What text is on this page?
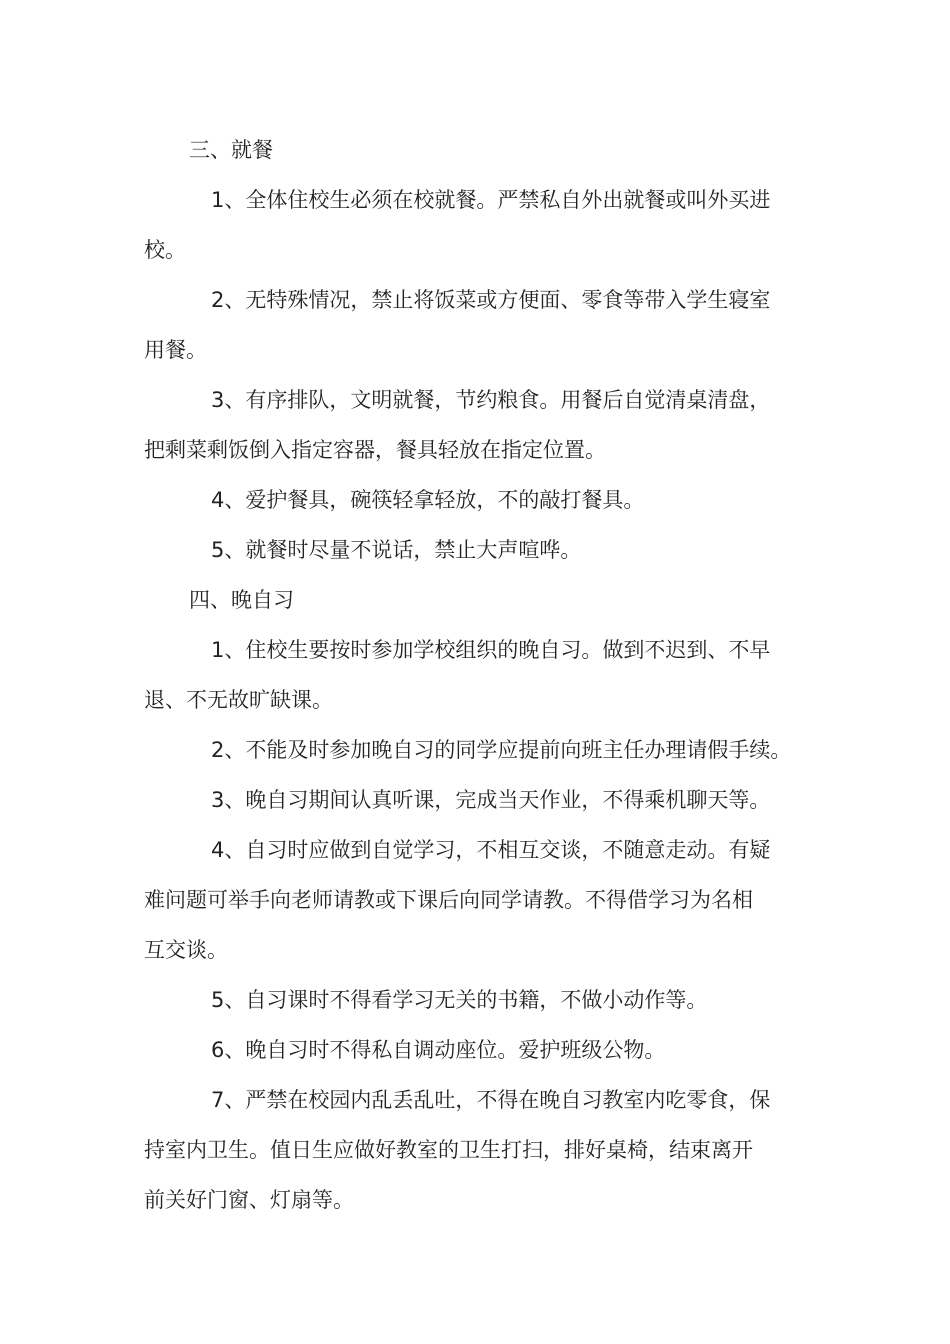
三、就餐
1、全体住校生必须在校就餐。严禁私自外出就餐或叫外买进
校。
2、无特殊情况，禁止将饭菜或方便面、零食等带入学生寝室
用餐。
3、有序排队，文明就餐，节约粮食。用餐后自觉清桌清盘，
把剩菜剩饭倒入指定容器，餐具轻放在指定位置。
4、爱护餐具，碗筷轻拿轻放，不的敲打餐具。
5、就餐时尽量不说话，禁止大声喧哗。
四、晚自习
1、住校生要按时参加学校组织的晚自习。做到不迟到、不早
退、不无故旷缺课。
2、不能及时参加晚自习的同学应提前向班主任办理请假手续。
3、晚自习期间认真听课，完成当天作业，不得乘机聊天等。
4、自习时应做到自觉学习，不相互交谈，不随意走动。有疑
难问题可举手向老师请教或下课后向同学请教。不得借学习为名相
互交谈。
5、自习课时不得看学习无关的书籍，不做小动作等。
6、晚自习时不得私自调动座位。爱护班级公物。
7、严禁在校园内乱丢乱吐，不得在晚自习教室内吃零食，保
持室内卫生。值日生应做好教室的卫生打扫，排好桌椅，结束离开
前关好门窗、灯扇等。
